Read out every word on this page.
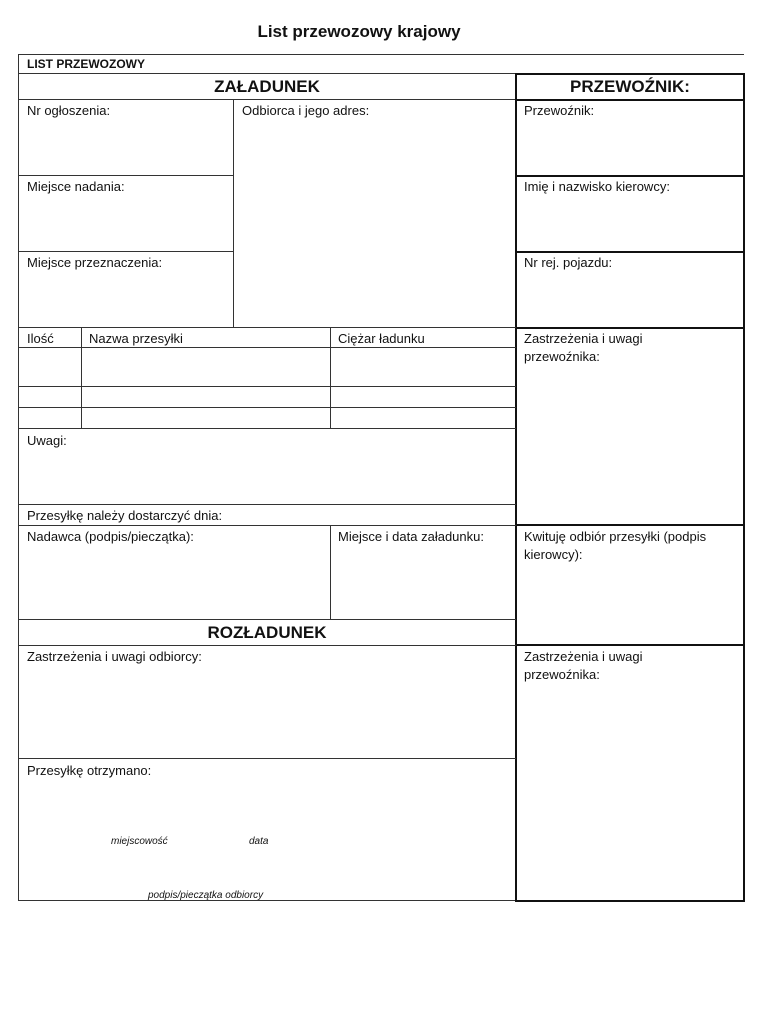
List przewozowy krajowy
LIST PRZEWOZOWY
ZAŁADUNEK	PRZEWOŹNIK:
Przewoźnik:
Imię i nazwisko kierowcy:
Nr rej. pojazdu:
Zastrzeżenia i uwagi
przewoźnika:
Kwituję odbiór przesyłki (podpis
kierowcy):
Zastrzeżenia i uwagi
przewoźnika:
Nr ogłoszenia:
Miejsce nadania:
Miejsce przeznaczenia:
Odbiorca i jego adres:
Ilość	Nazwa przesyłki	Ciężar ładunku
Uwagi:
Przesyłkę należy dostarczyć dnia:
Nadawca (podpis/pieczątka):	Miejsce i data załadunku:
ROZŁADUNEK
Zastrzeżenia i uwagi odbiorcy:
Przesyłkę otrzymano:
miejscowość	data
podpis/pieczątka odbiorcy
